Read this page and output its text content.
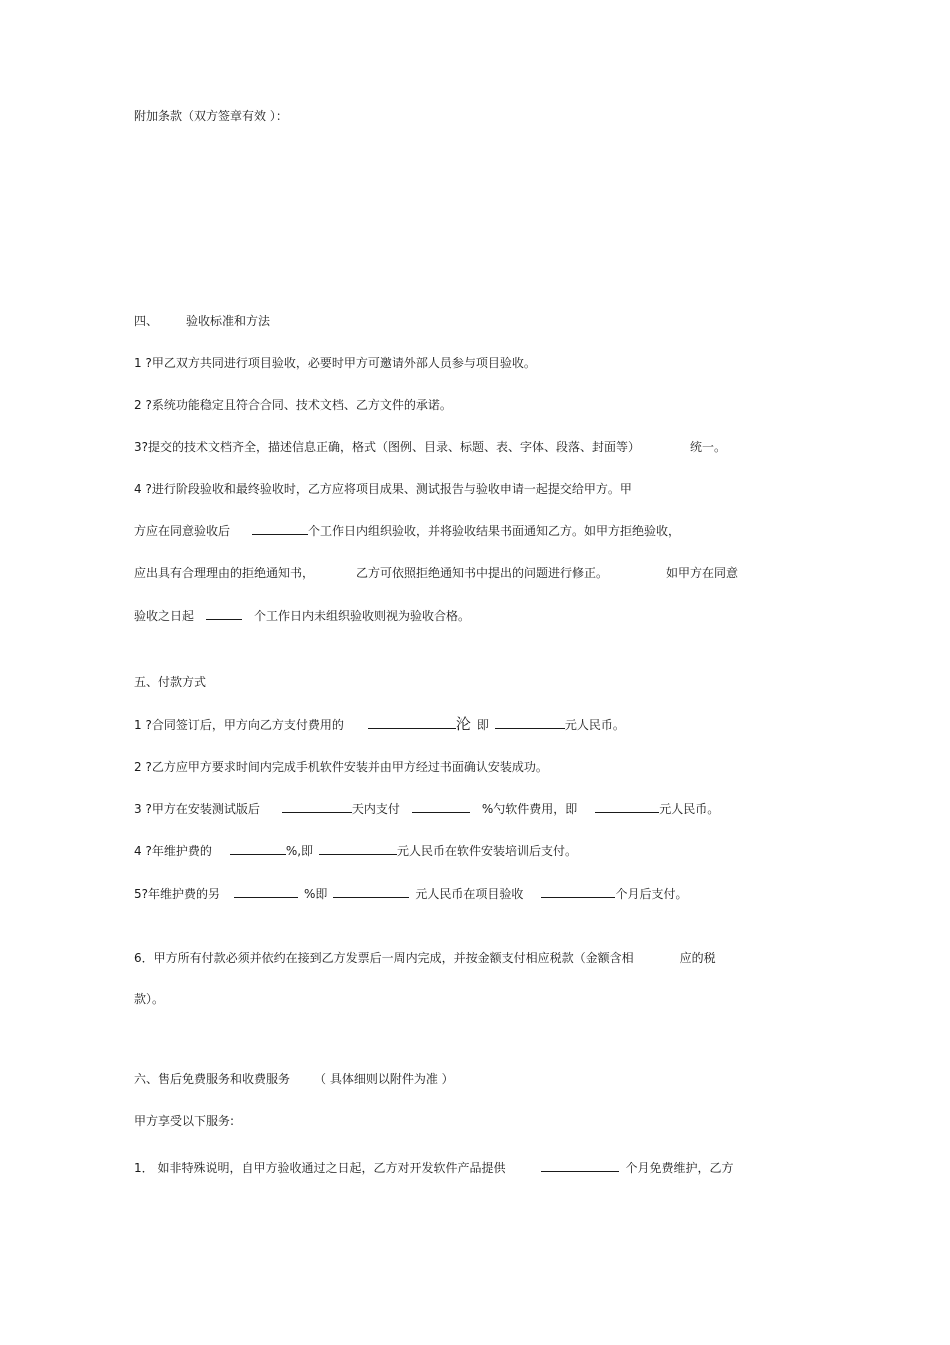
附加条款（双方签章有效 ）：
四、 验收标准和方法
1 ?甲乙双方共同进行项目验收，必要时甲方可邀请外部人员参与项目验收。
2 ?系统功能稳定且符合合同、技术文档、乙方文件的承诺。
3?提交的技术文档齐全，描述信息正确，格式（图例、目录、标题、表、字体、段落、封面等）	统一。
4 ?进行阶段验收和最终验收时，乙方应将项目成果、测试报告与验收申请一起提交给甲方。甲
方应在同意验收后	个工作日内组织验收，并将验收结果书面通知乙方。如甲方拒绝验收，
应出具有合理理由的拒绝通知书，	乙方可依照拒绝通知书中提出的问题进行修正。	如甲方在同意
验收之日起	个工作日内未组织验收则视为验收合格。
五、付款方式
1 ?合同签订后，甲方向乙方支付费用的	沦 即	元人民币。
2 ?乙方应甲方要求时间内完成手机软件安装并由甲方经过书面确认安装成功。
3 ?甲方在安装测试版后	天内支付	%勺软件费用，即	元人民币。
4 ?年维护费的	%,即	元人民币在软件安装培训后支付。
5?年维护费的另	%即	元人民币在项目验收	个月后支付。
6．甲方所有付款必须并依约在接到乙方发票后一周内完成，并按金额支付相应税款（金额含相	应的税
款）。
六、售后免费服务和收费服务 （ 具体细则以附件为准 ）
甲方享受以下服务:
1． 如非特殊说明，自甲方验收通过之日起，乙方对开发软件产品提供	个月免费维护，乙方
